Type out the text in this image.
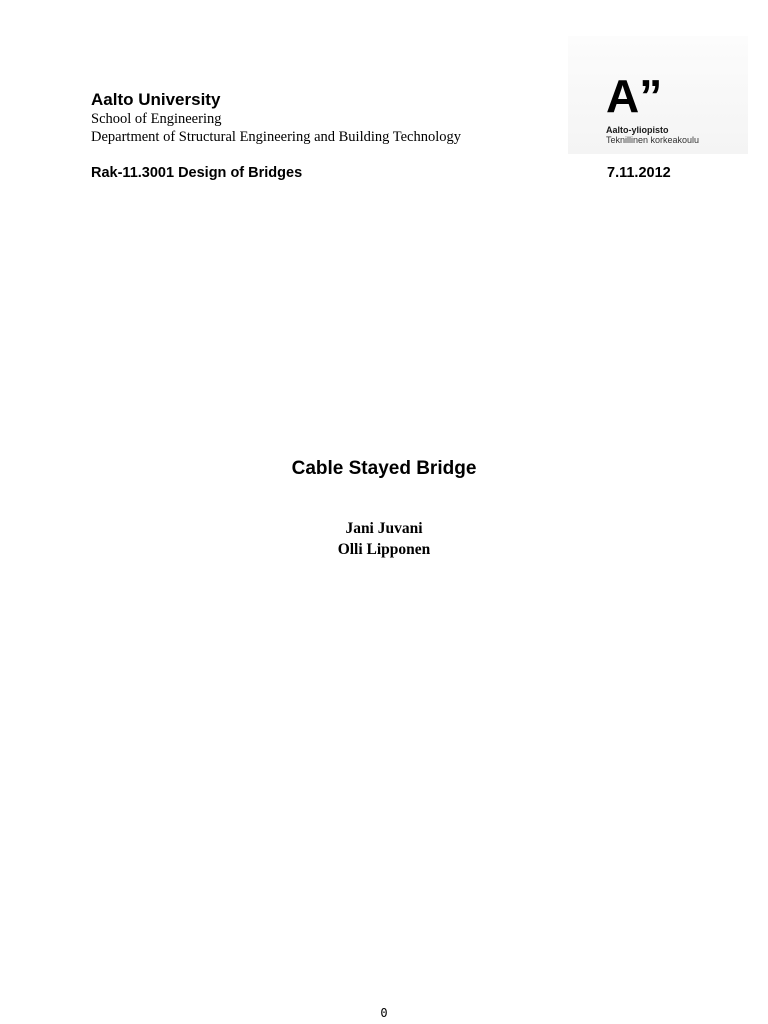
Aalto University

School of Engineering

Department of Structural Engineering and Building Technology

Rak-11.3001 Design of Bridges	7.11.2012
A”
Aalto-yliopisto
Teknillinen korkeakoulu
Cable Stayed Bridge
Jani Juvani
Olli Lipponen
0
